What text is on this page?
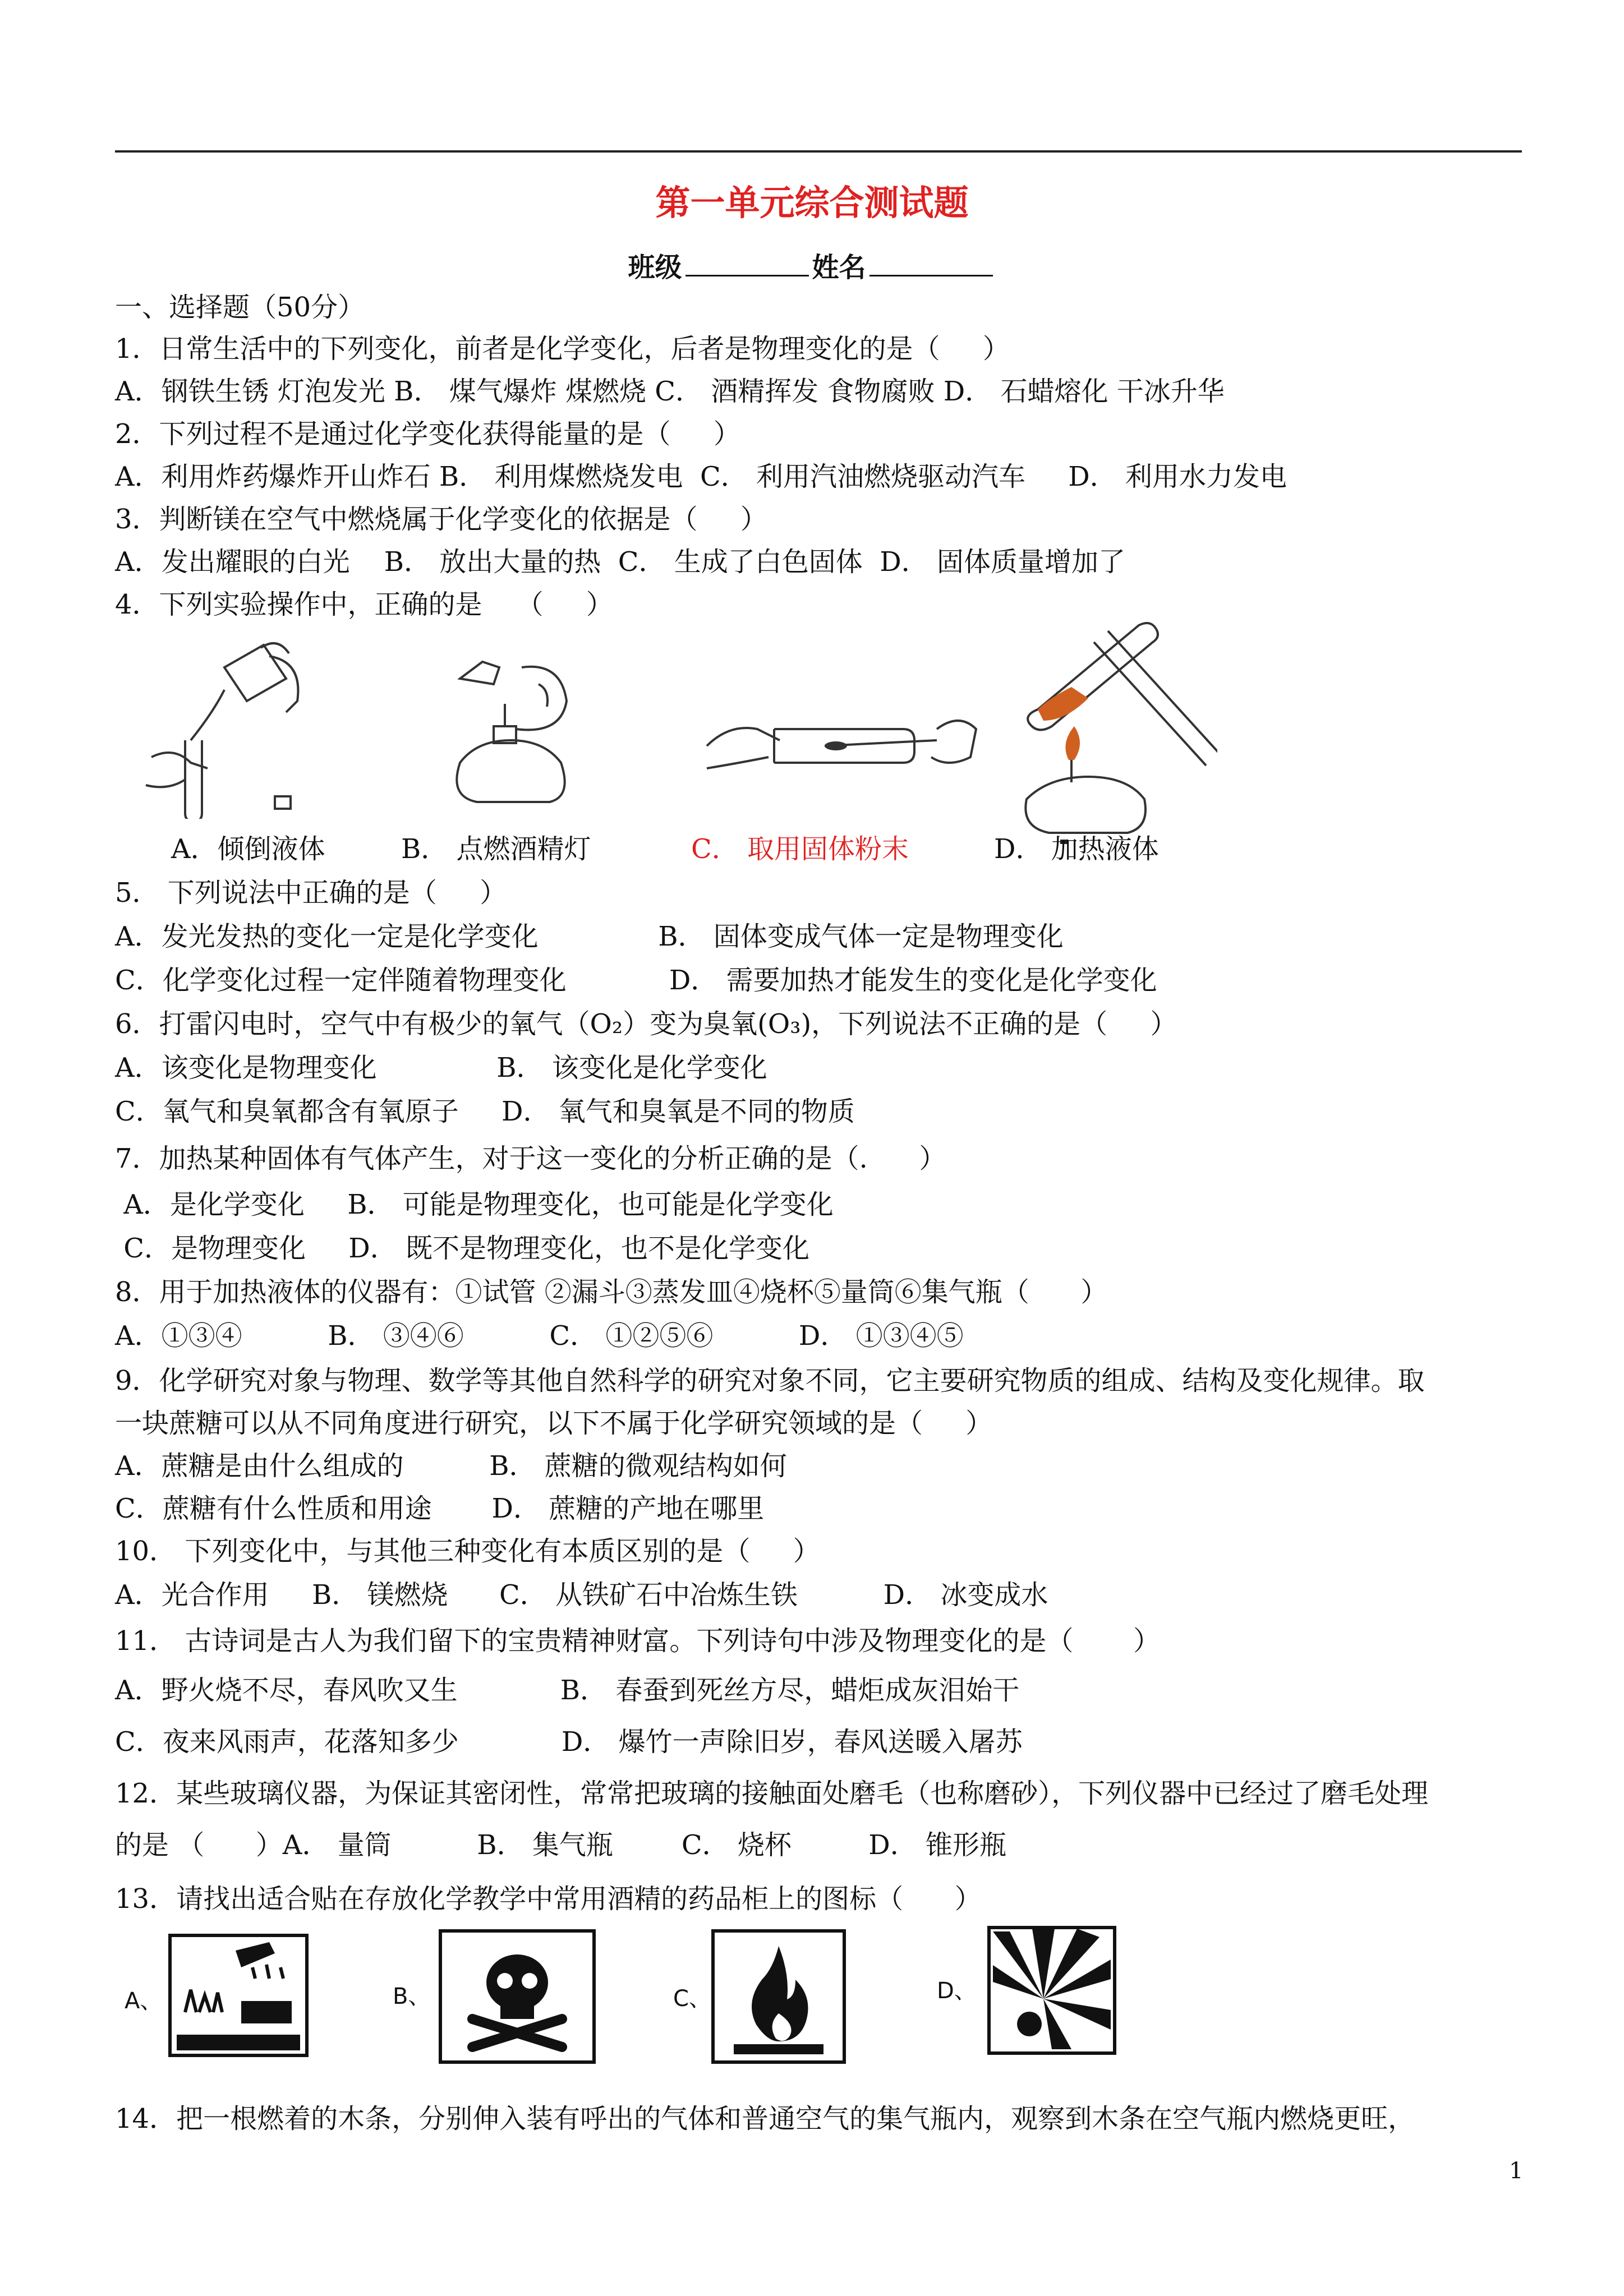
第一单元综合测试题
班级	姓名
一、选择题（50分）
1．日常生活中的下列变化，前者是化学变化，后者是物理变化的是（     ）
A．钢铁生锈 灯泡发光 B． 煤气爆炸 煤燃烧 C． 酒精挥发 食物腐败 D． 石蜡熔化 干冰升华
2．下列过程不是通过化学变化获得能量的是（     ）
A．利用炸药爆炸开山炸石 B． 利用煤燃烧发电  C． 利用汽油燃烧驱动汽车     D． 利用水力发电
3．判断镁在空气中燃烧属于化学变化的依据是（     ）
A．发出耀眼的白光    B． 放出大量的热  C． 生成了白色固体  D． 固体质量增加了
4．下列实验操作中，正确的是    （     ）
A．倾倒液体	B． 点燃酒精灯	C． 取用固体粉末	D． 加热液体
5． 下列说法中正确的是（     ）
A．发光发热的变化一定是化学变化              B． 固体变成气体一定是物理变化
C．化学变化过程一定伴随着物理变化            D． 需要加热才能发生的变化是化学变化
6．打雷闪电时，空气中有极少的氧气（O₂）变为臭氧(O₃)，下列说法不正确的是（     ）
A．该变化是物理变化              B． 该变化是化学变化
C．氧气和臭氧都含有氧原子     D． 氧气和臭氧是不同的物质
7．加热某种固体有气体产生，对于这一变化的分析正确的是（.      ）
A．是化学变化     B． 可能是物理变化，也可能是化学变化
C．是物理变化     D． 既不是物理变化，也不是化学变化
8．用于加热液体的仪器有：①试管 ②漏斗③蒸发皿④烧杯⑤量筒⑥集气瓶（      ）
A．①③④          B． ③④⑥          C． ①②⑤⑥          D． ①③④⑤
9．化学研究对象与物理、数学等其他自然科学的研究对象不同，它主要研究物质的组成、结构及变化规律。取
一块蔗糖可以从不同角度进行研究，以下不属于化学研究领域的是（     ）
A．蔗糖是由什么组成的          B． 蔗糖的微观结构如何
C．蔗糖有什么性质和用途       D． 蔗糖的产地在哪里
10． 下列变化中，与其他三种变化有本质区别的是（     ）
A．光合作用     B． 镁燃烧      C． 从铁矿石中冶炼生铁          D． 冰变成水
11． 古诗词是古人为我们留下的宝贵精神财富。下列诗句中涉及物理变化的是（       ）
A．野火烧不尽，春风吹又生            B． 春蚕到死丝方尽，蜡炬成灰泪始干
C．夜来风雨声，花落知多少            D． 爆竹一声除旧岁，春风送暖入屠苏
12．某些玻璃仪器，为保证其密闭性，常常把玻璃的接触面处磨毛（也称磨砂），下列仪器中已经过了磨毛处理
的是 （      ）A． 量筒          B． 集气瓶        C． 烧杯         D． 锥形瓶
13．请找出适合贴在存放化学教学中常用酒精的药品柜上的图标（      ）
A、	B、	C、	D、
14．把一根燃着的木条，分别伸入装有呼出的气体和普通空气的集气瓶内，观察到木条在空气瓶内燃烧更旺，
1
